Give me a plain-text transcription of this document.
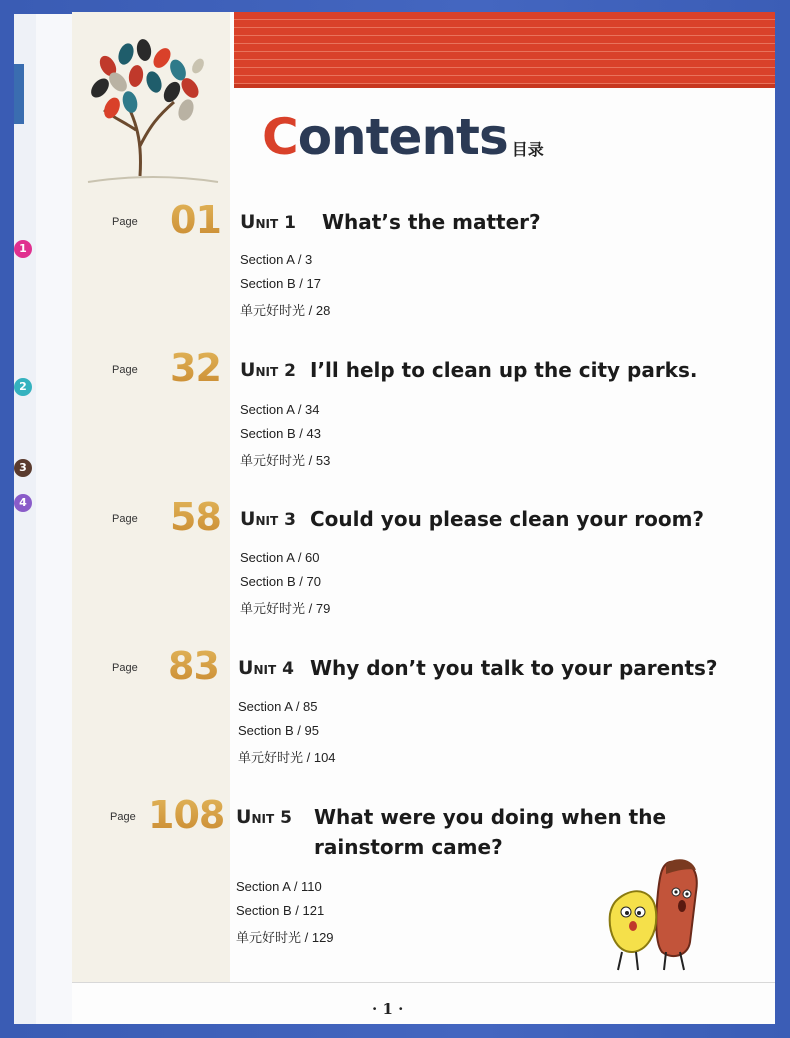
1
2
3
4
Contents 目录
Page 01 UNIT 1 What’s the matter?
Section A / 3
Section B / 17
单元好时光 / 28
Page 32 UNIT 2 I’ll help to clean up the city parks.
Section A / 34
Section B / 43
单元好时光 / 53
Page 58 UNIT 3 Could you please clean your room?
Section A / 60
Section B / 70
单元好时光 / 79
Page 83 UNIT 4 Why don’t you talk to your parents?
Section A / 85
Section B / 95
单元好时光 / 104
Page 108 UNIT 5 What were you doing when the
rainstorm came?
Section A / 110
Section B / 121
单元好时光 / 129
· 1 ·
